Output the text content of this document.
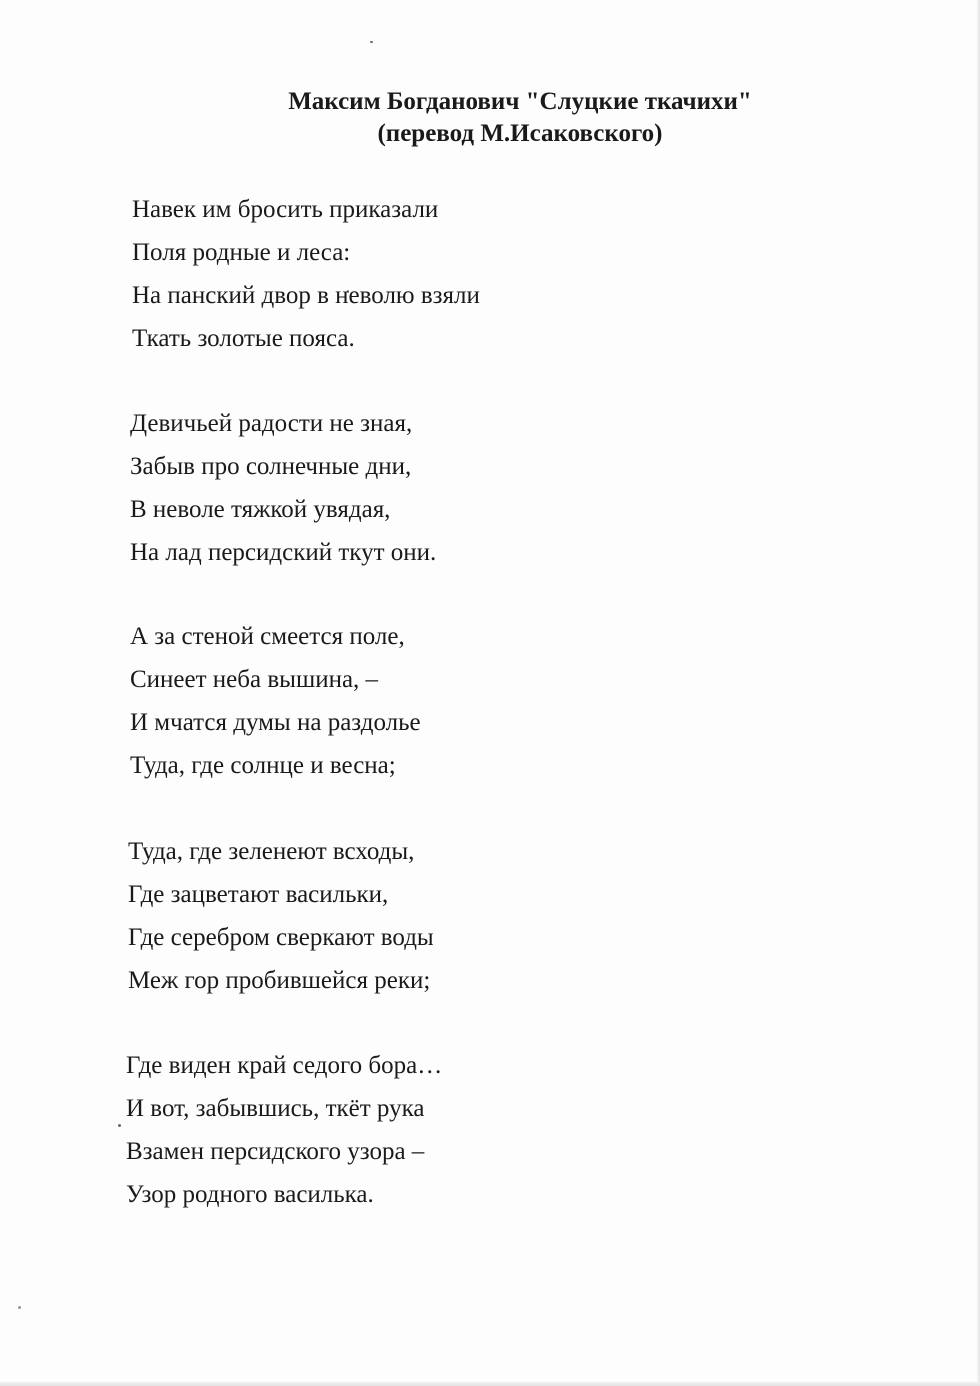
Максим Богданович "Слуцкие ткачихи"
(перевод М.Исаковского)
Навек им бросить приказали
Поля родные и леса:
На панский двор в неволю взяли
Ткать золотые пояса.
Девичьей радости не зная,
Забыв про солнечные дни,
В неволе тяжкой увядая,
На лад персидский ткут они.
А за стеной смеется поле,
Синеет неба вышина, –
И мчатся думы на раздолье
Туда, где солнце и весна;
Туда, где зеленеют всходы,
Где зацветают васильки,
Где серебром сверкают воды
Меж гор пробившейся реки;
Где виден край седого бора…
И вот, забывшись, ткёт рука
Взамен персидского узора –
Узор родного василька.
